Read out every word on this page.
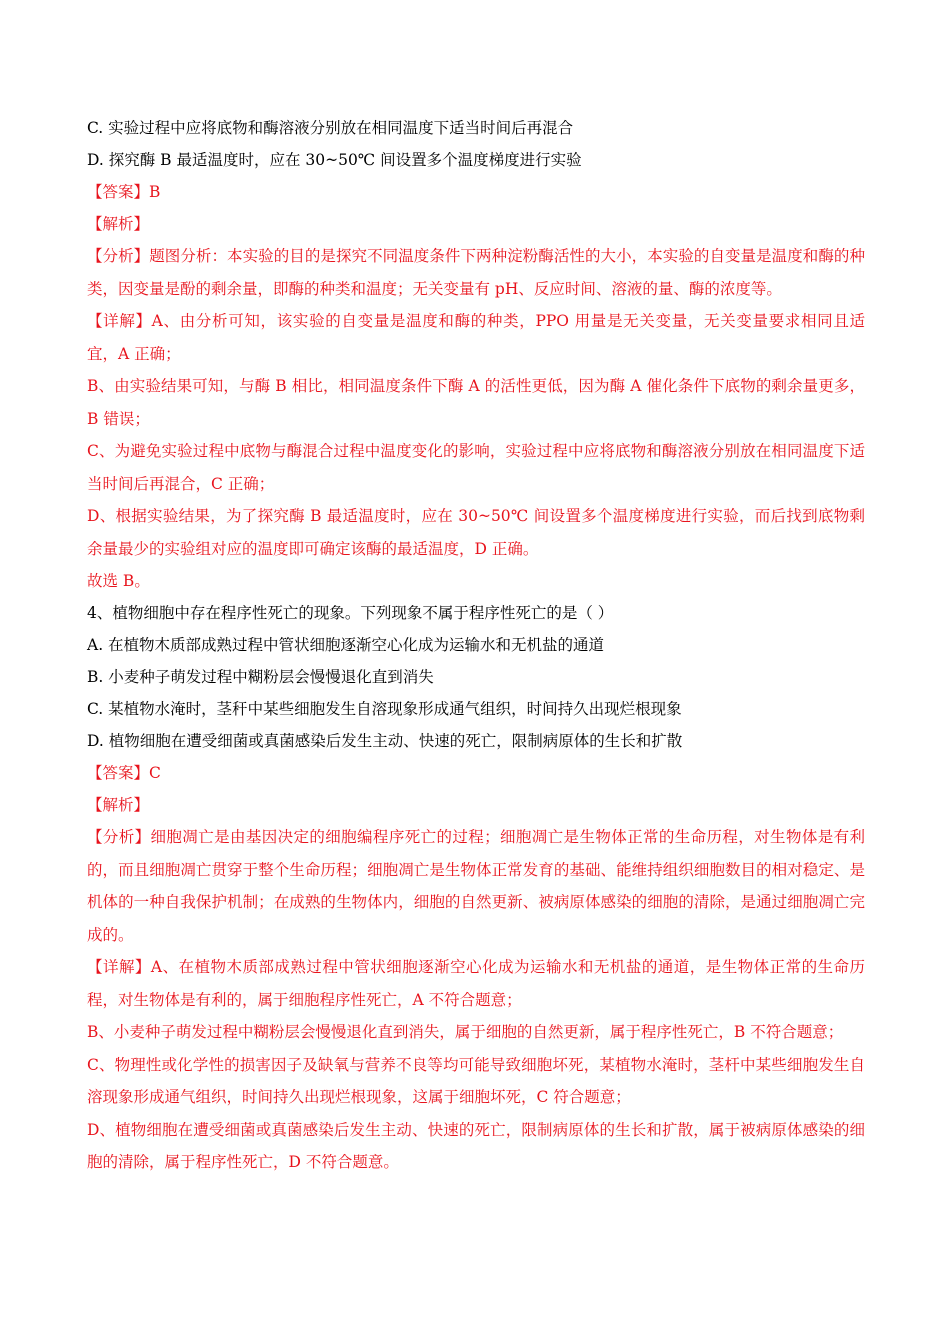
C. 实验过程中应将底物和酶溶液分别放在相同温度下适当时间后再混合

D. 探究酶 B 最适温度时，应在 30~50℃ 间设置多个温度梯度进行实验

【答案】B

【解析】

【分析】题图分析：本实验的目的是探究不同温度条件下两种淀粉酶活性的大小，本实验的自变量是温度和酶的种类，因变量是酚的剩余量，即酶的种类和温度；无关变量有 pH、反应时间、溶液的量、酶的浓度等。

【详解】A、由分析可知，该实验的自变量是温度和酶的种类，PPO 用量是无关变量，无关变量要求相同且适宜，A 正确；

B、由实验结果可知，与酶 B 相比，相同温度条件下酶 A 的活性更低，因为酶 A 催化条件下底物的剩余量更多，B 错误；

C、为避免实验过程中底物与酶混合过程中温度变化的影响，实验过程中应将底物和酶溶液分别放在相同温度下适当时间后再混合，C 正确；

D、根据实验结果，为了探究酶 B 最适温度时，应在 30~50℃ 间设置多个温度梯度进行实验，而后找到底物剩余量最少的实验组对应的温度即可确定该酶的最适温度，D 正确。

故选 B。

4、植物细胞中存在程序性死亡的现象。下列现象不属于程序性死亡的是（ ）

A. 在植物木质部成熟过程中管状细胞逐渐空心化成为运输水和无机盐的通道

B. 小麦种子萌发过程中糊粉层会慢慢退化直到消失

C. 某植物水淹时，茎秆中某些细胞发生自溶现象形成通气组织，时间持久出现烂根现象

D. 植物细胞在遭受细菌或真菌感染后发生主动、快速的死亡，限制病原体的生长和扩散

【答案】C

【解析】

【分析】细胞凋亡是由基因决定的细胞编程序死亡的过程；细胞凋亡是生物体正常的生命历程，对生物体是有利的，而且细胞凋亡贯穿于整个生命历程；细胞凋亡是生物体正常发育的基础、能维持组织细胞数目的相对稳定、是机体的一种自我保护机制；在成熟的生物体内，细胞的自然更新、被病原体感染的细胞的清除，是通过细胞凋亡完成的。

【详解】A、在植物木质部成熟过程中管状细胞逐渐空心化成为运输水和无机盐的通道，是生物体正常的生命历程，对生物体是有利的，属于细胞程序性死亡，A 不符合题意；

B、小麦种子萌发过程中糊粉层会慢慢退化直到消失，属于细胞的自然更新，属于程序性死亡，B 不符合题意；

C、物理性或化学性的损害因子及缺氧与营养不良等均可能导致细胞坏死，某植物水淹时，茎杆中某些细胞发生自溶现象形成通气组织，时间持久出现烂根现象，这属于细胞坏死，C 符合题意；

D、植物细胞在遭受细菌或真菌感染后发生主动、快速的死亡，限制病原体的生长和扩散，属于被病原体感染的细胞的清除，属于程序性死亡，D 不符合题意。
